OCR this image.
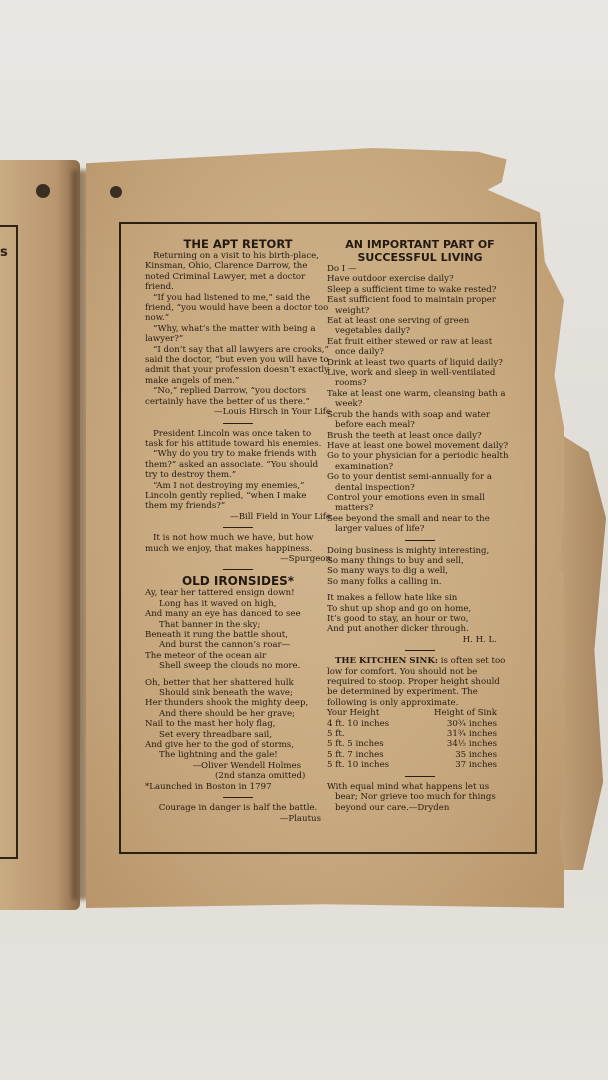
s

THE APT RETORT

Returning on a visit to his birth-place, Kinsman, Ohio, Clarence Darrow, the noted Criminal Lawyer, met a doctor friend.

“If you had listened to me,” said the friend, “you would have been a doctor too now.”

“Why, what’s the matter with being a lawyer?”

“I don’t say that all lawyers are crooks,” said the doctor, “but even you will have to admit that your profession doesn’t exactly make angels of men.”

“No,” replied Darrow, “you doctors certainly have the better of us there.”

—Louis Hirsch in Your Life

President Lincoln was once taken to task for his attitude toward his enemies.

“Why do you try to make friends with them?” asked an associate. “You should try to destroy them.”

“Am I not destroying my enemies,” Lincoln gently replied, “when I make them my friends?”

—Bill Field in Your Life

It is not how much we have, but how much we enjoy, that makes happiness.

—Spurgeon

OLD IRONSIDES*

Ay, tear her tattered ensign down!

Long has it waved on high,

And many an eye has danced to see

That banner in the sky;

Beneath it rung the battle shout,

And burst the cannon’s roar—

The meteor of the ocean air

Shell sweep the clouds no more.

Oh, better that her shattered hulk

Should sink beneath the wave;

Her thunders shook the mighty deep,

And there should be her grave;

Nail to the mast her holy flag,

Set every threadbare sail,

And give her to the god of storms,

The lightning and the gale!

—Oliver Wendell Holmes

(2nd stanza omitted)

*Launched in Boston in 1797

Courage in danger is half the battle.

—Plautus

AN IMPORTANT PART OF SUCCESSFUL LIVING

Do I —

Have outdoor exercise daily?

Sleep a sufficient time to wake rested?

East sufficient food to maintain proper weight?

Eat at least one serving of green vegetables daily?

Eat fruit either stewed or raw at least once daily?

Drink at least two quarts of liquid daily?

Live, work and sleep in well-ventilated rooms?

Take at least one warm, cleansing bath a week?

Scrub the hands with soap and water before each meal?

Brush the teeth at least once daily?

Have at least one bowel movement daily?

Go to your physician for a periodic health examination?

Go to your dentist semi-annually for a dental inspection?

Control your emotions even in small matters?

See beyond the small and near to the larger values of life?

Doing business is mighty interesting,

So many things to buy and sell,

So many ways to dig a well,

So many folks a calling in.

It makes a fellow hate like sin

To shut up shop and go on home,

It’s good to stay, an hour or two,

And put another dicker through.

H. H. L.

THE KITCHEN SINK: is often set too low for comfort. You should not be required to stoop. Proper height should be determined by experiment. The following is only approximate.

Your Height	Height of Sink
4 ft. 10 inches	30¾ inches
5 ft.	31¾ inches
5 ft. 5 inches	34½ inches
5 ft. 7 inches	35 inches
5 ft. 10 inches	37 inches

With equal mind what happens let us bear; Nor grieve too much for things beyond our care.—Dryden
